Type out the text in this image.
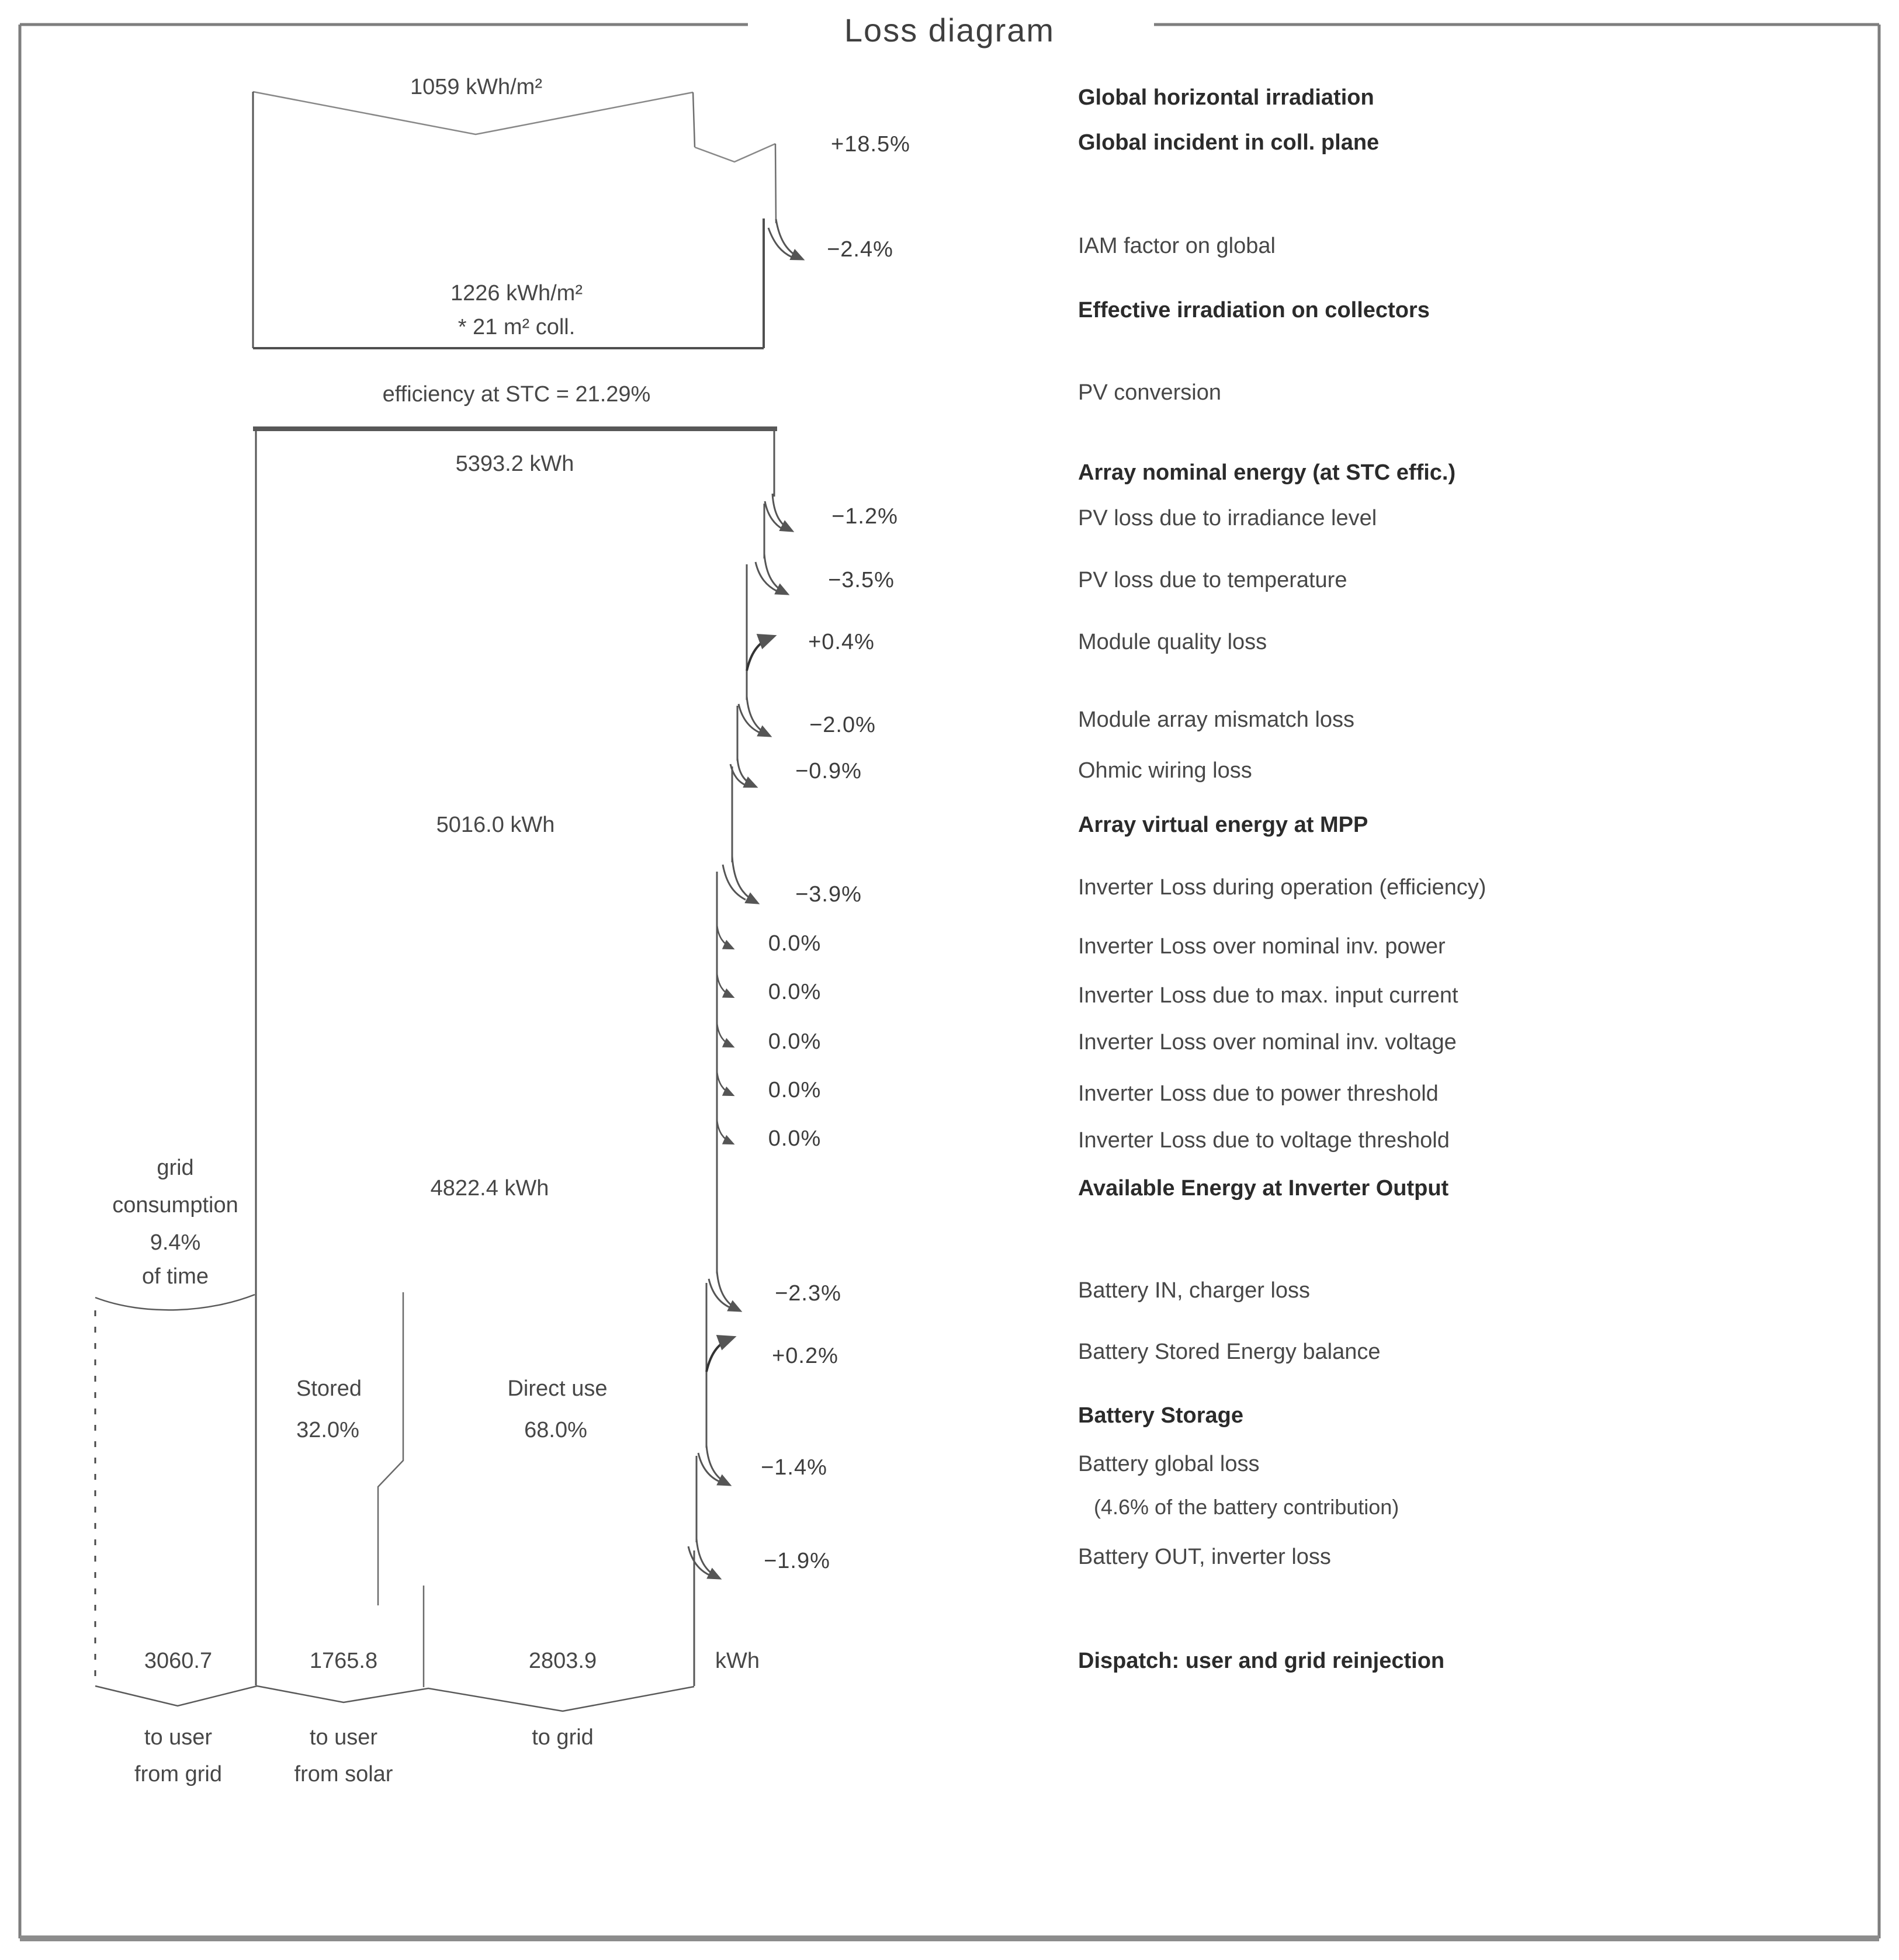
Loss diagram
1059 kWh/m²
1226 kWh/m²
* 21 m² coll.
efficiency at STC = 21.29%
5393.2 kWh
5016.0 kWh
4822.4 kWh
+18.5%
−2.4%
−1.2%
−3.5%
+0.4%
−2.0%
−0.9%
−3.9%
0.0%
0.0%
0.0%
0.0%
0.0%
−2.3%
+0.2%
−1.4%
−1.9%
Global horizontal irradiation
Global incident in coll. plane
IAM factor on global
Effective irradiation on collectors
PV conversion
Array nominal energy (at STC effic.)
PV loss due to irradiance level
PV loss due to temperature
Module quality loss
Module array mismatch loss
Ohmic wiring loss
Array virtual energy at MPP
Inverter Loss during operation (efficiency)
Inverter Loss over nominal inv. power
Inverter Loss due to max. input current
Inverter Loss over nominal inv. voltage
Inverter Loss due to power threshold
Inverter Loss due to voltage threshold
Available Energy at Inverter Output
Battery IN, charger loss
Battery Stored Energy balance
Battery Storage
Battery global loss
(4.6% of the battery contribution)
Battery OUT, inverter loss
Dispatch: user and grid reinjection
grid
consumption
9.4%
of time
Stored
32.0%
Direct use
68.0%
3060.7	1765.8	2803.9	kWh
to user
from grid
to user
from solar
to grid
